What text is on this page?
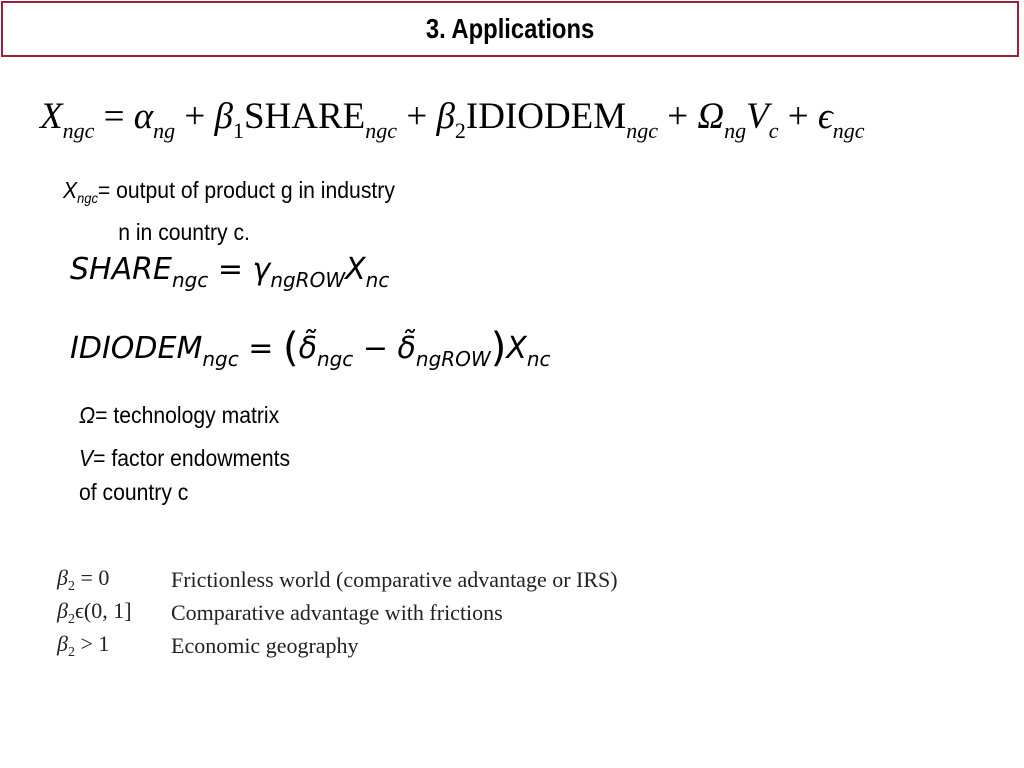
3. Applications
$X_{ngc} = \alpha_{ng}$ + $\beta_1SHARE_{ngc}$ + $\beta_2IDIODEM_{ngc} + \Omega_{ng}V_c + \epsilon_{ngc}$
$X_{ngc}=$ output of product g in industry
n in country c.
$SHARE_{ngc} = \gamma_{ngROW}X_{nc}$
$IDIODEM_{ngc}$ = ($\deltã_{ngc}$ − $\deltã_{ngROW})X_{nc}$
Ω= technology matrix
V= factor endowments
of country c
$\beta_2 = 0$	Frictionless world (comparative advantage or IRS)
$\beta_2\epsilon(0$, 1]	Comparative advantage with frictions
$\beta_2 > 1$	Economic geography
